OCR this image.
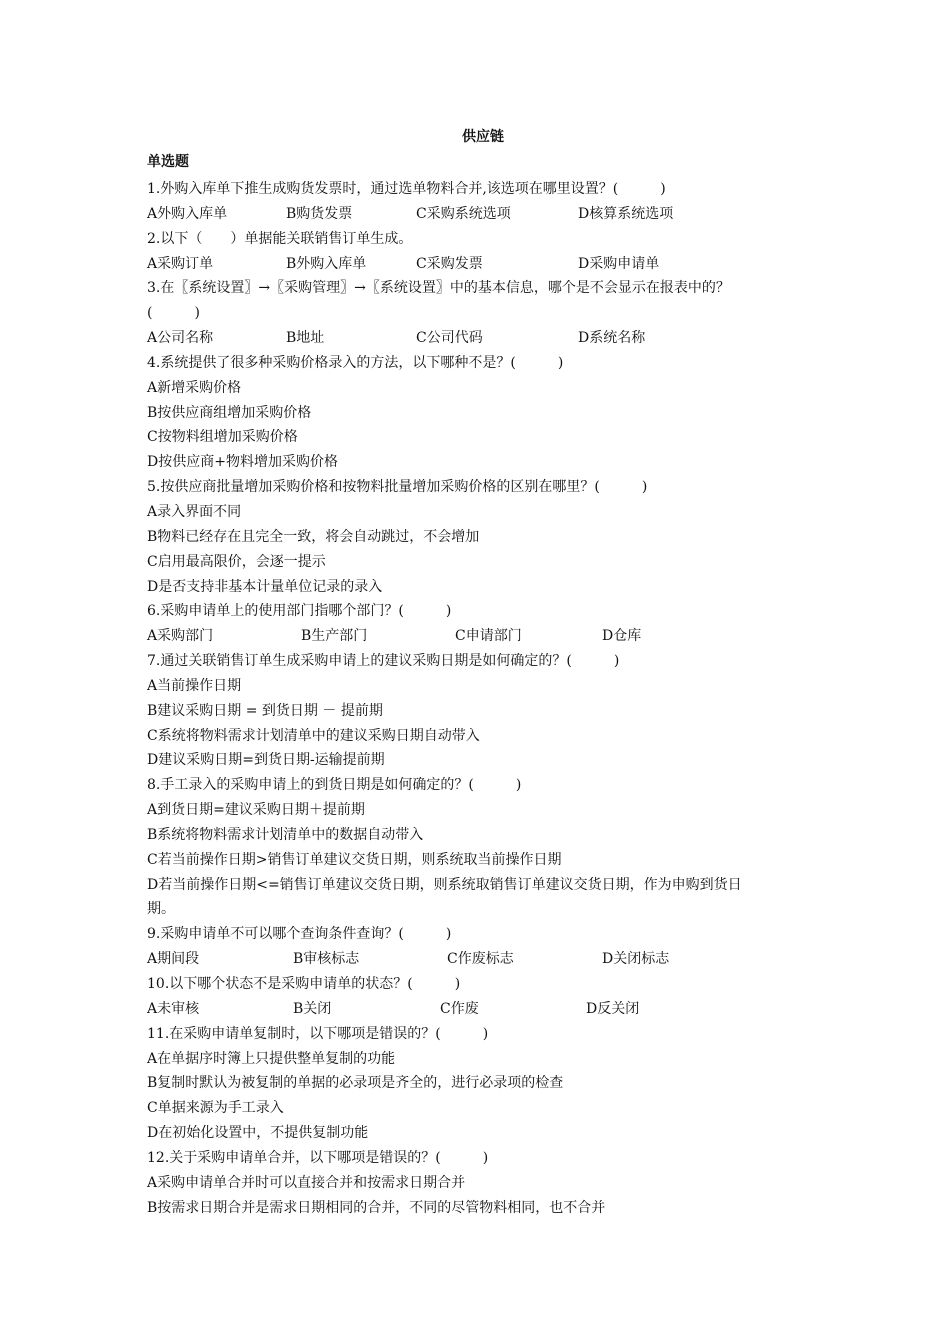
供应链
单选题
1.外购入库单下推生成购货发票时，通过选单物料合并,该选项在哪里设置？(　　　)
A外购入库单	B购货发票	C采购系统选项	D核算系统选项
2.以下（　　）单据能关联销售订单生成。
A采购订单	B外购入库单	C采购发票	D采购申请单
3.在〖系统设置〗→〖采购管理〗→〖系统设置〗中的基本信息，哪个是不会显示在报表中的？
(　　　)
A公司名称	B地址	C公司代码	D系统名称
4.系统提供了很多种采购价格录入的方法，以下哪种不是？(　　　)
A新增采购价格
B按供应商组增加采购价格
C按物料组增加采购价格
D按供应商+物料增加采购价格
5.按供应商批量增加采购价格和按物料批量增加采购价格的区别在哪里？(　　　)
A录入界面不同
B物料已经存在且完全一致，将会自动跳过，不会增加
C启用最高限价，会逐一提示
D是否支持非基本计量单位记录的录入
6.采购申请单上的使用部门指哪个部门？(　　　)
A采购部门	B生产部门	C申请部门	D仓库
7.通过关联销售订单生成采购申请上的建议采购日期是如何确定的？(　　　)
A当前操作日期
B建议采购日期 = 到货日期 － 提前期
C系统将物料需求计划清单中的建议采购日期自动带入
D建议采购日期=到货日期-运输提前期
8.手工录入的采购申请上的到货日期是如何确定的？(　　　)
A到货日期=建议采购日期＋提前期
B系统将物料需求计划清单中的数据自动带入
C若当前操作日期>销售订单建议交货日期，则系统取当前操作日期
D若当前操作日期<=销售订单建议交货日期，则系统取销售订单建议交货日期，作为申购到货日
期。
9.采购申请单不可以哪个查询条件查询？(　　　)
A期间段	B审核标志	C作废标志	D关闭标志
10.以下哪个状态不是采购申请单的状态？(　　　)
A未审核	B关闭	C作废	D反关闭
11.在采购申请单复制时，以下哪项是错误的？(　　　)
A在单据序时簿上只提供整单复制的功能
B复制时默认为被复制的单据的必录项是齐全的，进行必录项的检查
C单据来源为手工录入
D在初始化设置中，不提供复制功能
12.关于采购申请单合并，以下哪项是错误的？(　　　)
A采购申请单合并时可以直接合并和按需求日期合并
B按需求日期合并是需求日期相同的合并，不同的尽管物料相同，也不合并
